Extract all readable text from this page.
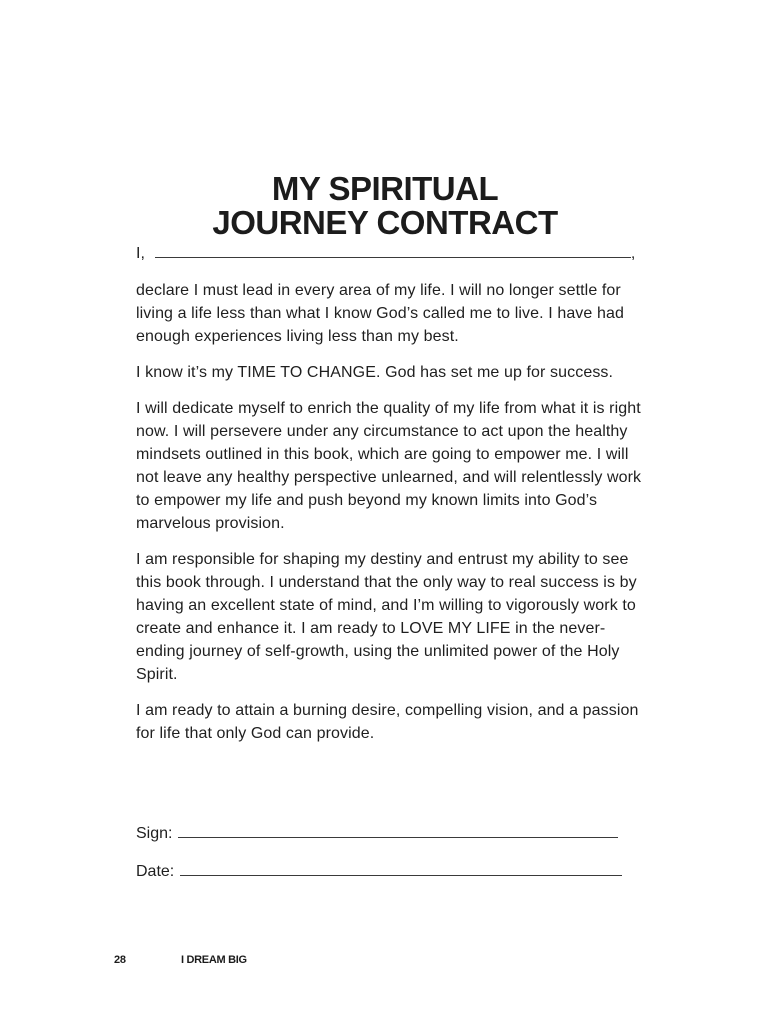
MY SPIRITUAL
JOURNEY CONTRACT
I,	,

declare I must lead in every area of my life. I will no longer settle for living a life less than what I know God’s called me to live. I have had enough experiences living less than my best.

I know it’s my TIME TO CHANGE. God has set me up for success.

I will dedicate myself to enrich the quality of my life from what it is right now. I will persevere under any circumstance to act upon the healthy mindsets outlined in this book, which are going to empower me. I will not leave any healthy perspective unlearned, and will relentlessly work to empower my life and push beyond my known limits into God’s marvelous provision.

I am responsible for shaping my destiny and entrust my ability to see this book through. I understand that the only way to real success is by having an excellent state of mind, and I’m willing to vigorously work to create and enhance it. I am ready to LOVE MY LIFE in the never-ending journey of self-growth, using the unlimited power of the Holy Spirit.

I am ready to attain a burning desire, compelling vision, and a passion for life that only God can provide.

Sign:
Date:
28	I DREAM BIG
